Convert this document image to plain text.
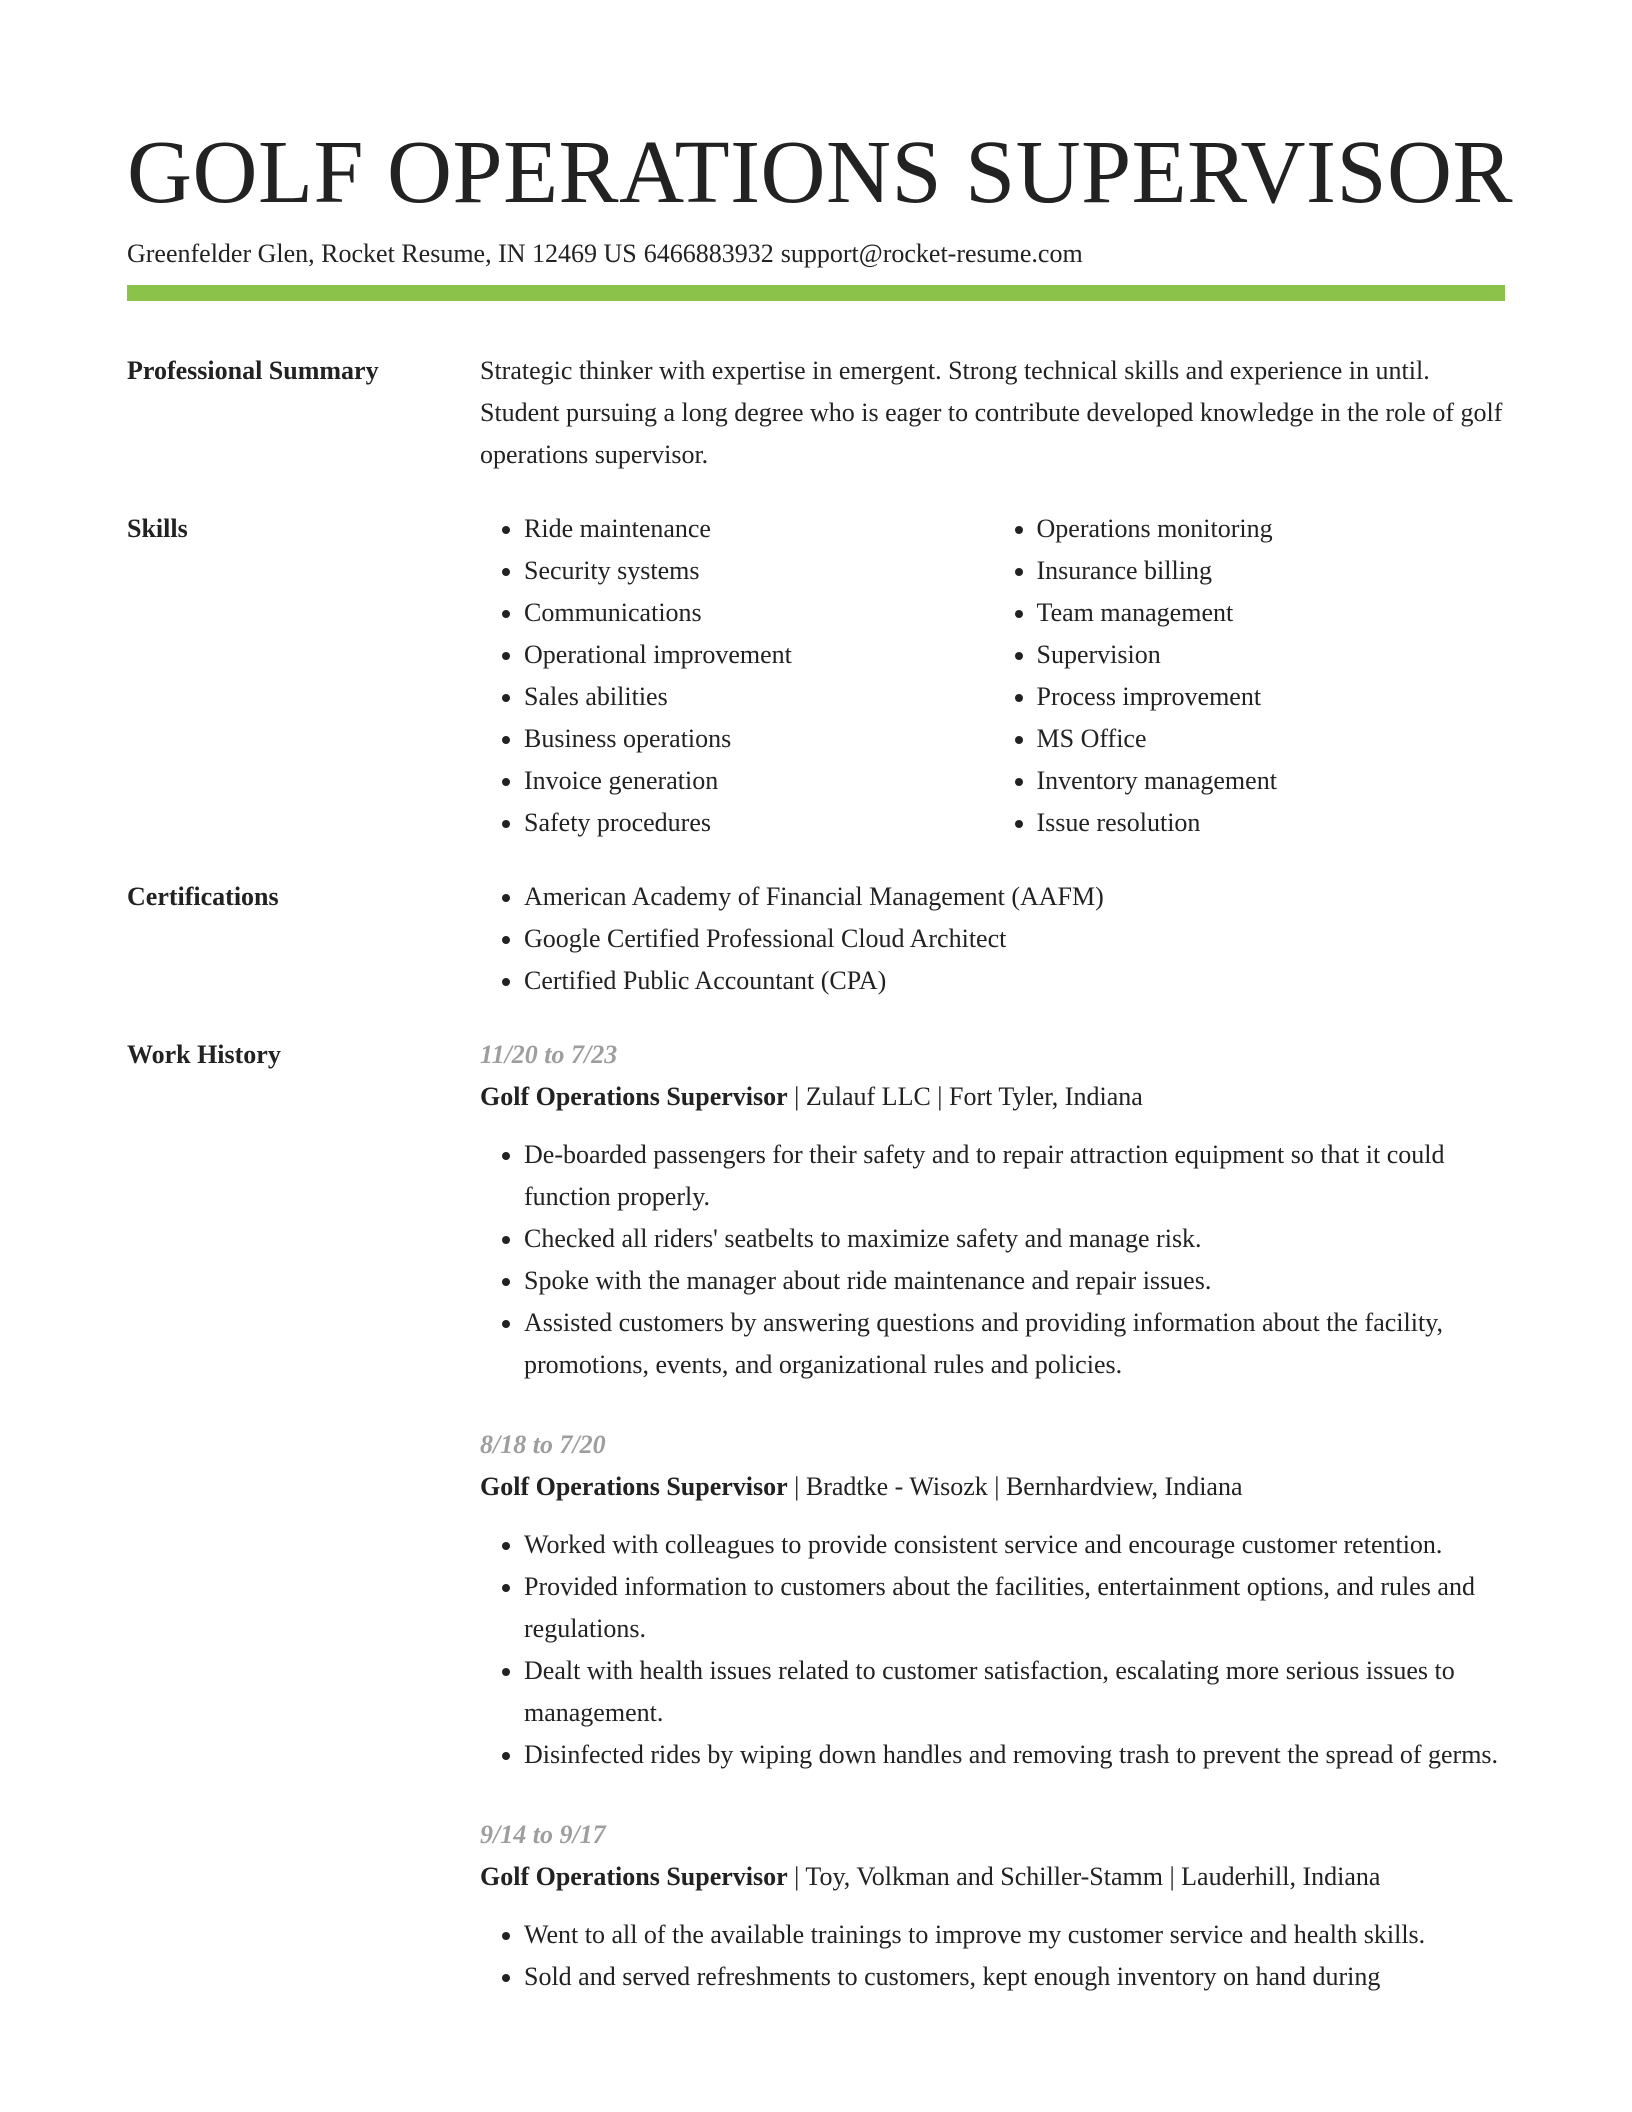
GOLF OPERATIONS SUPERVISOR
Greenfelder Glen, Rocket Resume, IN 12469 US 6466883932 support@rocket-resume.com
Professional Summary	Strategic thinker with expertise in emergent. Strong technical skills and experience in until. Student pursuing a long degree who is eager to contribute developed knowledge in the role of golf operations supervisor.

Skills	• Ride maintenance
• Security systems
• Communications
• Operational improvement
• Sales abilities
• Business operations
• Invoice generation
• Safety procedures
• Operations monitoring
• Insurance billing
• Team management
• Supervision
• Process improvement
• MS Office
• Inventory management
• Issue resolution
Certifications	• American Academy of Financial Management (AAFM)
• Google Certified Professional Cloud Architect
• Certified Public Accountant (CPA)
Work History	11/20 to 7/23
Golf Operations Supervisor | Zulauf LLC | Fort Tyler, Indiana
• De-boarded passengers for their safety and to repair attraction equipment so that it could function properly.
• Checked all riders' seatbelts to maximize safety and manage risk.
• Spoke with the manager about ride maintenance and repair issues.
• Assisted customers by answering questions and providing information about the facility, promotions, events, and organizational rules and policies.
8/18 to 7/20
Golf Operations Supervisor | Bradtke - Wisozk | Bernhardview, Indiana
• Worked with colleagues to provide consistent service and encourage customer retention.
• Provided information to customers about the facilities, entertainment options, and rules and regulations.
• Dealt with health issues related to customer satisfaction, escalating more serious issues to management.
• Disinfected rides by wiping down handles and removing trash to prevent the spread of germs.
9/14 to 9/17
Golf Operations Supervisor | Toy, Volkman and Schiller-Stamm | Lauderhill, Indiana
• Went to all of the available trainings to improve my customer service and health skills.
• Sold and served refreshments to customers, kept enough inventory on hand during
